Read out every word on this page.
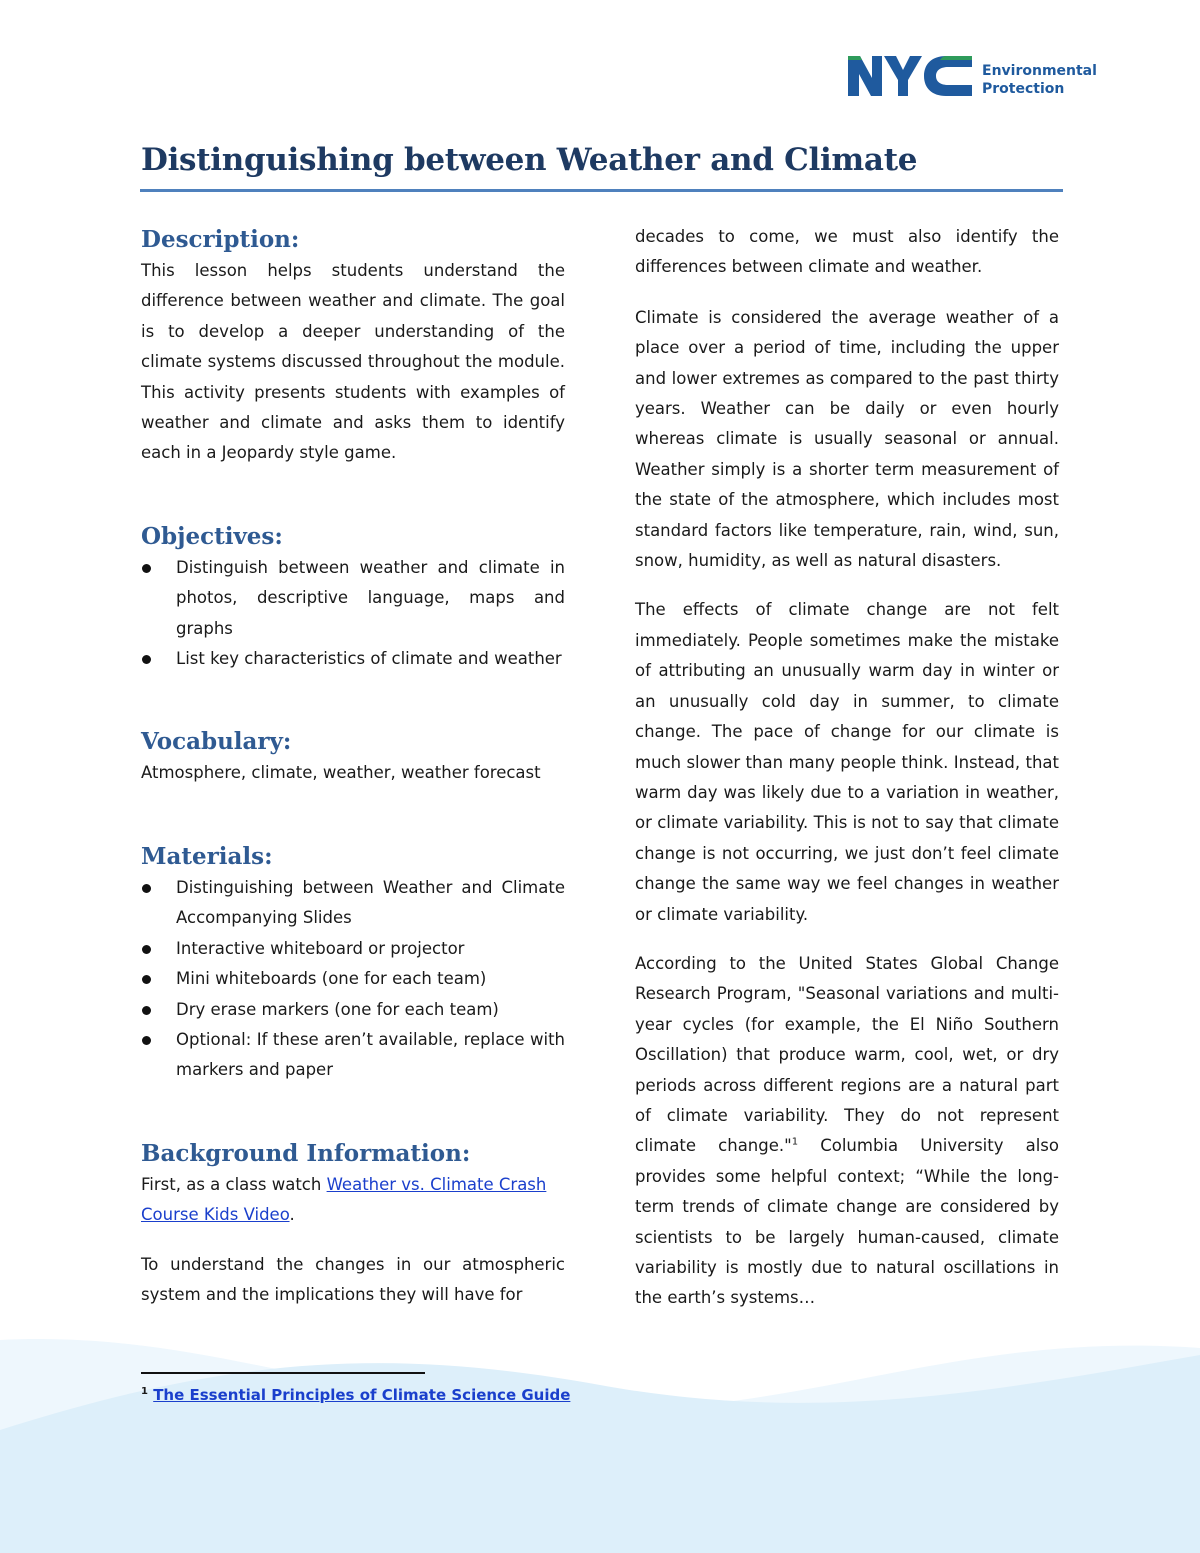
Environmental
Protection
Distinguishing between Weather and Climate
Description:

This lesson helps students understand the difference between weather and climate. The goal is to develop a deeper understanding of the climate systems discussed throughout the module. This activity presents students with examples of weather and climate and asks them to identify each in a Jeopardy style game.

Objectives:
Distinguish between weather and climate in photos, descriptive language, maps and graphs
List key characteristics of climate and weather
Vocabulary:

Atmosphere, climate, weather, weather forecast

Materials:
Distinguishing between Weather and Climate Accompanying Slides
Interactive whiteboard or projector
Mini whiteboards (one for each team)
Dry erase markers (one for each team)
Optional: If these aren’t available, replace with markers and paper
Background Information:

First, as a class watch Weather vs. Climate Crash Course Kids Video.

To understand the changes in our atmospheric system and the implications they will have for

decades to come, we must also identify the differences between climate and weather.

Climate is considered the average weather of a place over a period of time, including the upper and lower extremes as compared to the past thirty years. Weather can be daily or even hourly whereas climate is usually seasonal or annual. Weather simply is a shorter term measurement of the state of the atmosphere, which includes most standard factors like temperature, rain, wind, sun, snow, humidity, as well as natural disasters.

The effects of climate change are not felt immediately. People sometimes make the mistake of attributing an unusually warm day in winter or an unusually cold day in summer, to climate change. The pace of change for our climate is much slower than many people think. Instead, that warm day was likely due to a variation in weather, or climate variability. This is not to say that climate change is not occurring, we just don’t feel climate change the same way we feel changes in weather or climate variability.

According to the United States Global Change Research Program, "Seasonal variations and multi-year cycles (for example, the El Niño Southern Oscillation) that produce warm, cool, wet, or dry periods across different regions are a natural part of climate variability. They do not represent climate change."$^1$ Columbia University also provides some helpful context; “While the long-term trends of climate change are considered by scientists to be largely human-caused, climate variability is mostly due to natural oscillations in the earth’s systems…

$^1$ The Essential Principles of Climate Science Guide
